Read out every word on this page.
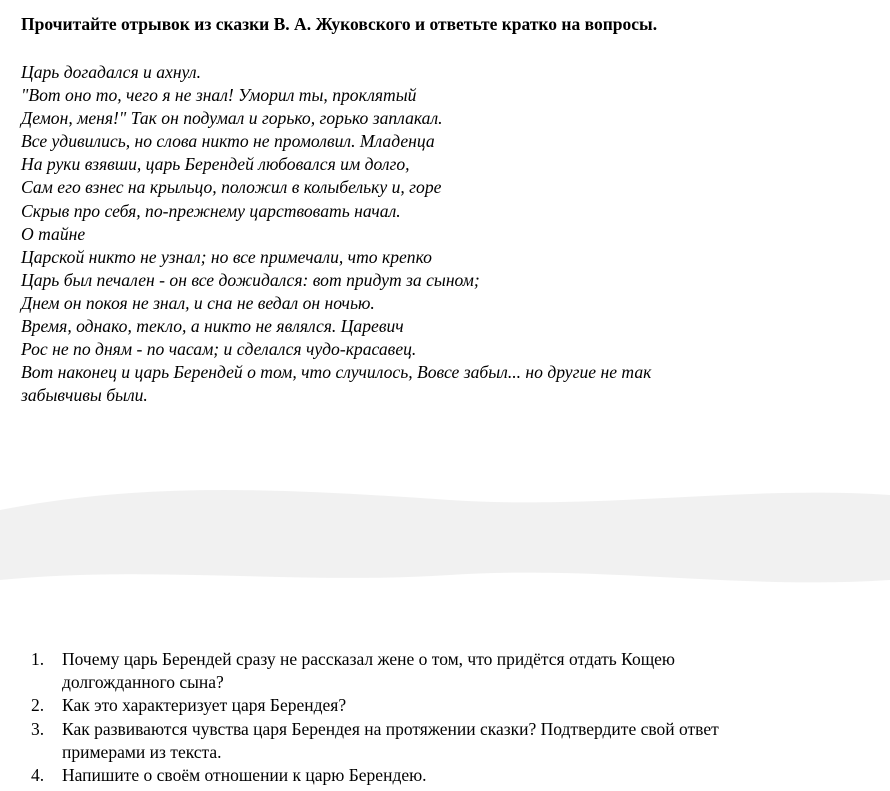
Прочитайте отрывок из сказки В. А. Жуковского и ответьте кратко на вопросы.
Царь догадался и ахнул.
"Вот оно то, чего я не знал! Уморил ты, проклятый
Демон, меня!" Так он подумал и горько, горько заплакал.
Все удивились, но слова никто не промолвил. Младенца
На руки взявши, царь Берендей любовался им долго,
Сам его взнес на крыльцо, положил в колыбельку и, горе
Скрыв про себя, по-прежнему царствовать начал.
О тайне
Царской никто не узнал; но все примечали, что крепко
Царь был печален - он все дожидался: вот придут за сыном;
Днем он покоя не знал, и сна не ведал он ночью.
Время, однако, текло, а никто не являлся. Царевич
Рос не по дням - по часам; и сделался чудо-красавец.
Вот наконец и царь Берендей о том, что случилось, Вовсе забыл... но другие не так
забывчивы были.
1. Почему царь Берендей сразу не рассказал жене о том, что придётся отдать Кощею долгожданного сына?
2. Как это характеризует царя Берендея?
3. Как развиваются чувства царя Берендея на протяжении сказки? Подтвердите свой ответ примерами из текста.
4. Напишите о своём отношении к царю Берендею.
